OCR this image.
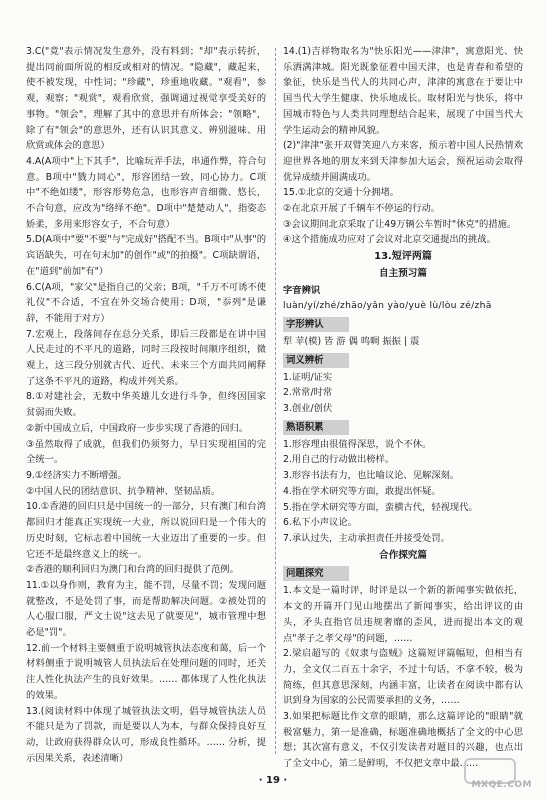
3.C("竟"表示情况发生意外，没有料到；"却"表示转折，提出同前面所说的相反或相对的情况。"隐藏"，藏起来，使不被发现，中性词；"珍藏"，珍重地收藏。"观看"，参观，观察；"观赏"，观看欣赏，强调通过视觉享受美好的事物。"领会"，理解了其中的意思并有所体会；"领略"，除了有"领会"的意思外，还有认识其意义、辨别滋味、用欣赏或体会的意思）

4.A(A项中"上下其手"，比喻玩弄手法，串通作弊，符合句意。B项中"戮力同心"，形容团结一致，同心协力。C项中"不绝如缕"，形容形势危急，也形容声音细微、悠长，不合句意，应改为"络绎不绝"。D项中"楚楚动人"，指姿态娇柔，多用来形容女子，不合句意）

5.D(A项中"要"不要"与"完成好"搭配不当。B项中"从事"的宾语缺失，可在句末加"的创作"或"的拍摄"。C项缺谓语，在"道到"前加"有"）

6.C(A项，"家父"是指自己的父亲；B项，"千万不可诱不使礼仪"不合适，不宜在外交场合使用；D项，"忝列"是谦辞，不能用于对方）

7.宏观上，段落间存在总分关系，即后三段都是在讲中国人民走过的不平凡的道路，同时三段按时间顺序组织，微观上，这三段分别就古代、近代、未来三个方面共同阐释了这条不平凡的道路，构成并列关系。

8.①对建社会，无数中华英雄儿女进行斗争，但终因国家贫弱而失败。

②新中国成立后，中国政府一步步实现了香港的回归。

③虽然取得了成就，但我们仍须努力，早日实现祖国的完全统一。

9.①经济实力不断增强。

②中国人民的团结意识、抗争精神、坚韧品质。

10.①香港的回归只是中国统一的一部分，只有澳门和台湾都回归才能真正实现统一大业，所以说回归是一个伟大的历史时刻，它标志着中国统一大业迈出了重要的一步。但它还不是最终意义上的统一。

②香港的顺利回归为澳门和台湾的回归提供了范例。

11.①以身作则，教育为主，能不罚，尽量不罚；发现问题就整改，不是处罚了事，而是帮助解决问题。②被处罚的人心服口服，严文士说"这去见了就要见"，城市管理中想必是"罚"。

12.前一个材料主要侧重于说明城管执法态度和蔼，后一个材料侧重于说明城管人员执法后在处理问题的同时，还关注人性化执法产生的良好效果。…… 都体现了人性化执法的效果。

13.(阅读材料中体现了城管执法文明，倡导城管执法人员不能只是为了罚款，而是要以人为本，与群众保持良好互动，让政府获得群众认可，形成良性循环。…… 分析，提示因果关系，表述清晰）

14.(1)吉祥物取名为"快乐阳光——津津"，寓意阳光、快乐洒满津城。阳光既象征着中国天津，也是青春和希望的象征，快乐是当代人的共同心声，津津的寓意在于要让中国当代大学生健康、快乐地成长。取材阳光与快乐，将中国城市特色与人类共同理想结合起来，展现了中国当代大学生运动会的精神风貌。

(2)"津津"张开双臂笑迎八方来客，预示着中国人民热情欢迎世界各地的朋友来到天津参加大运会，预祝运动会取得优异成绩并圆满成功。

15.①北京的交通十分拥堵。

②在北京开展了千辆车不停运的行动。

③会议期间北京采取了让49万辆公车暂时"休克"的措施。

④这个措施成功应对了会议对北京交通提出的挑战。

13.短评两篇
自主预习篇
字音辨识
luàn/yí/zhé/zhāo/yǎn yào/yuè lù/lòu zé/zhā
字形辨认
犁 苹(模) 皆 游 偶 鸣啁 振振 | 震
词义辨析
1.证明/证实
2.常常/时常
3.创业/创伏
熟语积累
1.形容理由很值得深思，说个不休。
2.用自己的行动做出榜样。
3.形容书法有力，也比喻议论、见解深刻。
4.指在学术研究等方面，敢提出怀疑。
5.指在学术研究等方面，蛮横古代，轻视现代。
6.私下小声议论。
7.承认过失，主动承担责任并接受处罚。
合作探究篇
问题探究

1.本文是一篇时评，时评是以一个新的新闻事实做依托，本文的开篇开门见山地摆出了新闻事实，给出评议的由头，矛头直指官员违规奢靡的歪风，进而提出本文的观点"孝子之孝父母"的问题，……

2.梁启超写的《奴隶与盗贼》这篇短评篇幅短，但相当有力，全文仅二百五十余字，不过十句话，不拿不较，极为简练，但其意思深刻，内涵丰富，让读者在阅读中都有认识到身为国家的公民需要承担的义务，……

3.如果把标题比作文章的眼睛，那么这篇评论的"眼睛"就极富魅力，第一是准确，标题准确地概括了全文的中心思想；其次富有意义，不仅引发读者对题目的兴趣，也点出了全文中心，第二是鲜明，不仅把文章中最……

· 19 ·	MXQE.COM
